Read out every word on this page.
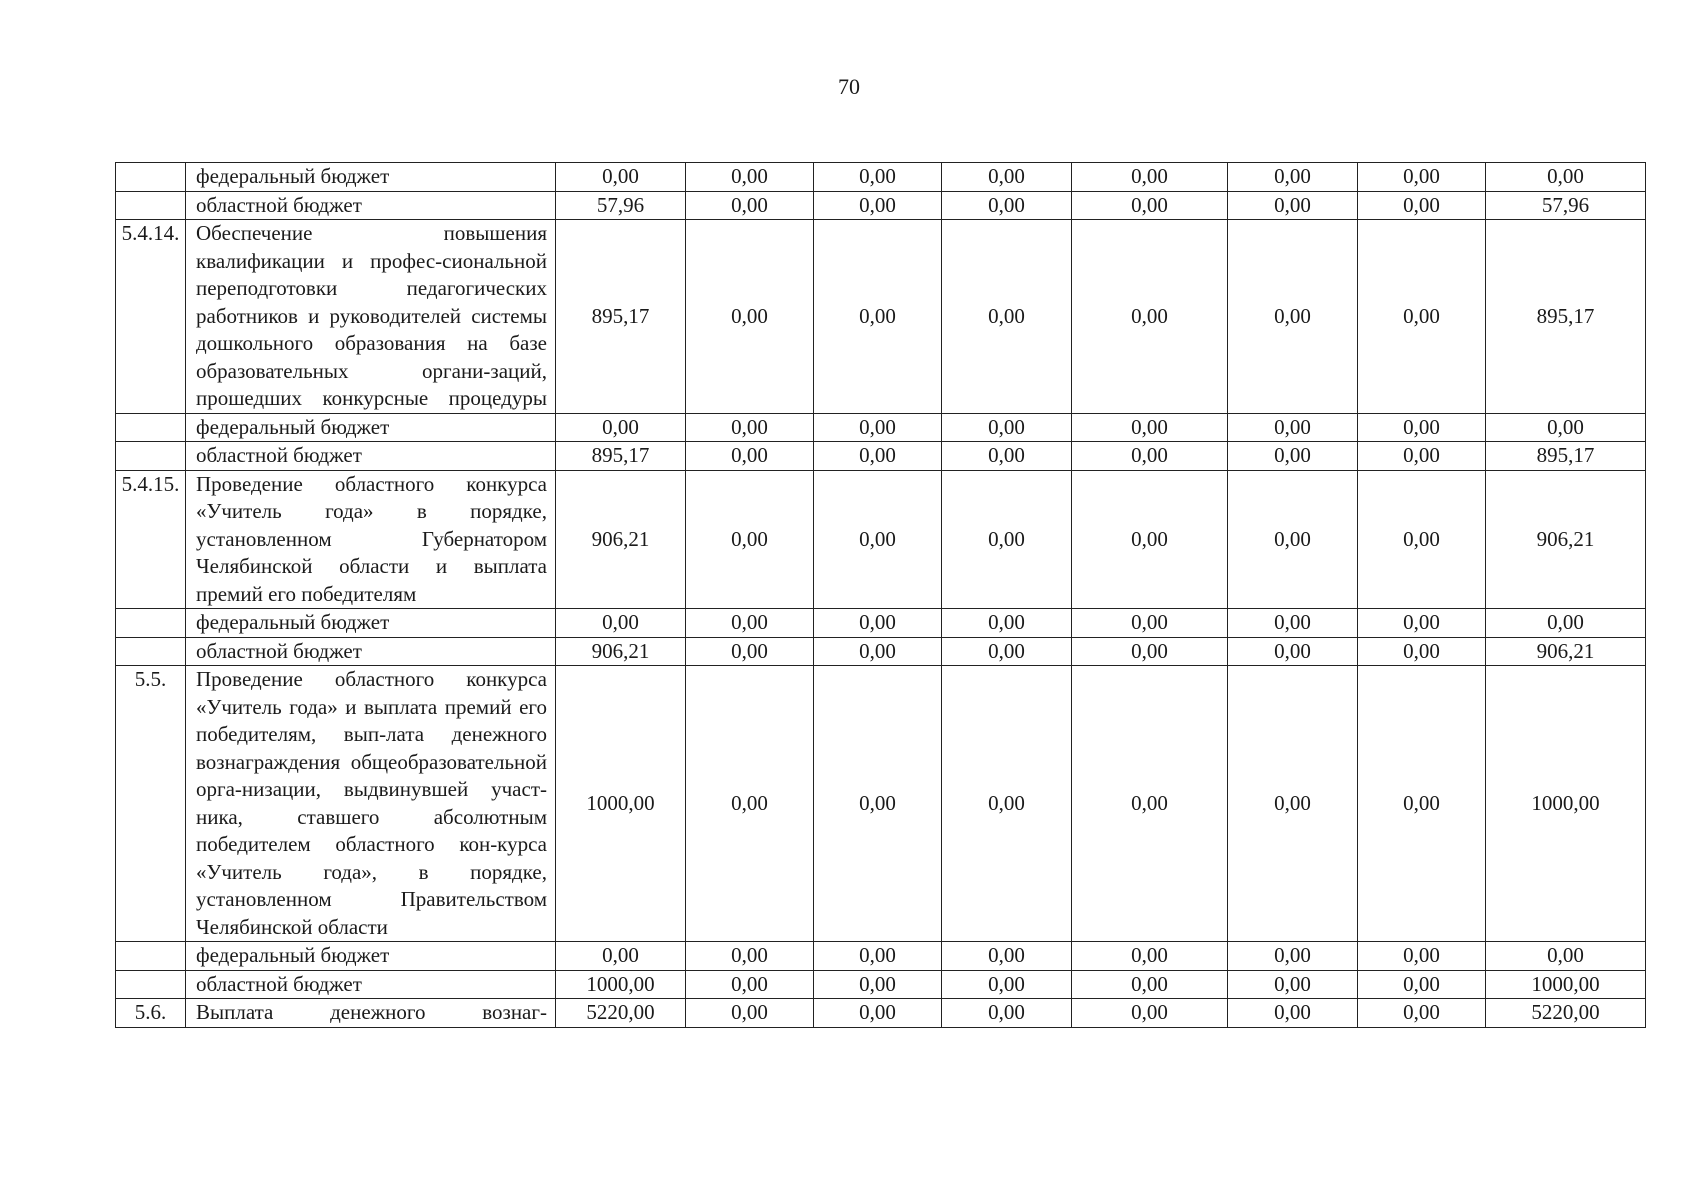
70
	федеральный бюджет	0,00	0,00	0,00	0,00	0,00	0,00	0,00	0,00
	областной бюджет	57,96	0,00	0,00	0,00	0,00	0,00	0,00	57,96
5.4.14.	Обеспечение повышения квалификации и профес-сиональной переподготовки педагогических работников и руководителей системы дошкольного образования на базе образовательных органи-заций, прошедших конкурсные процедуры	895,17	0,00	0,00	0,00	0,00	0,00	0,00	895,17
	федеральный бюджет	0,00	0,00	0,00	0,00	0,00	0,00	0,00	0,00
	областной бюджет	895,17	0,00	0,00	0,00	0,00	0,00	0,00	895,17
5.4.15.	Проведение областного конкурса «Учитель года» в порядке, установленном Губернатором Челябинской области и выплата премий его победителям	906,21	0,00	0,00	0,00	0,00	0,00	0,00	906,21
	федеральный бюджет	0,00	0,00	0,00	0,00	0,00	0,00	0,00	0,00
	областной бюджет	906,21	0,00	0,00	0,00	0,00	0,00	0,00	906,21
5.5.	Проведение областного конкурса «Учитель года» и выплата премий его победителям, вып-лата денежного вознаграждения общеобразовательной орга-низации, выдвинувшей участ-ника, ставшего абсолютным победителем областного кон-курса «Учитель года», в порядке, установленном Правительством Челябинской области	1000,00	0,00	0,00	0,00	0,00	0,00	0,00	1000,00
	федеральный бюджет	0,00	0,00	0,00	0,00	0,00	0,00	0,00	0,00
	областной бюджет	1000,00	0,00	0,00	0,00	0,00	0,00	0,00	1000,00
5.6.	Выплата денежного вознаг-	5220,00	0,00	0,00	0,00	0,00	0,00	0,00	5220,00
